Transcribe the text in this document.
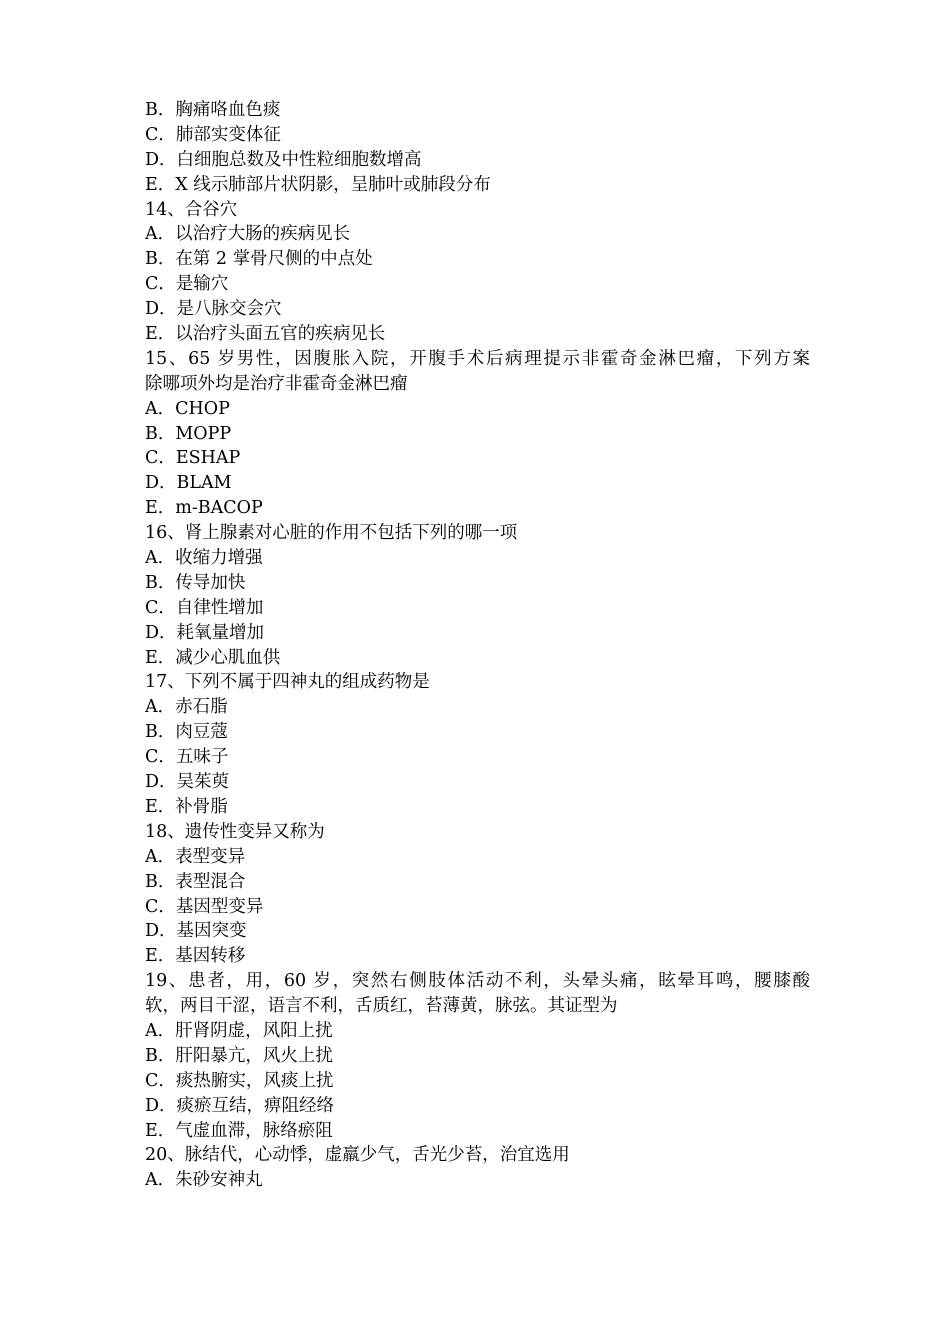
B．胸痛咯血色痰
C．肺部实变体征
D．白细胞总数及中性粒细胞数增高
E．X 线示肺部片状阴影，呈肺叶或肺段分布
14、合谷穴
A．以治疗大肠的疾病见长
B．在第 2 掌骨尺侧的中点处
C．是输穴
D．是八脉交会穴
E．以治疗头面五官的疾病见长
15、65 岁男性，因腹胀入院，开腹手术后病理提示非霍奇金淋巴瘤，下列方案
除哪项外均是治疗非霍奇金淋巴瘤
A．CHOP
B．MOPP
C．ESHAP
D．BLAM
E．m-BACOP
16、肾上腺素对心脏的作用不包括下列的哪一项
A．收缩力增强
B．传导加快
C．自律性增加
D．耗氧量增加
E．减少心肌血供
17、下列不属于四神丸的组成药物是
A．赤石脂
B．肉豆蔻
C．五味子
D．吴茱萸
E．补骨脂
18、遗传性变异又称为
A．表型变异
B．表型混合
C．基因型变异
D．基因突变
E．基因转移
19、患者，用，60 岁，突然右侧肢体活动不利，头晕头痛，眩晕耳鸣，腰膝酸
软，两目干涩，语言不利，舌质红，苔薄黄，脉弦。其证型为
A．肝肾阴虚，风阳上扰
B．肝阳暴亢，风火上扰
C．痰热腑实，风痰上扰
D．痰瘀互结，痹阻经络
E．气虚血滞，脉络瘀阻
20、脉结代，心动悸，虚羸少气，舌光少苔，治宜选用
A．朱砂安神丸
